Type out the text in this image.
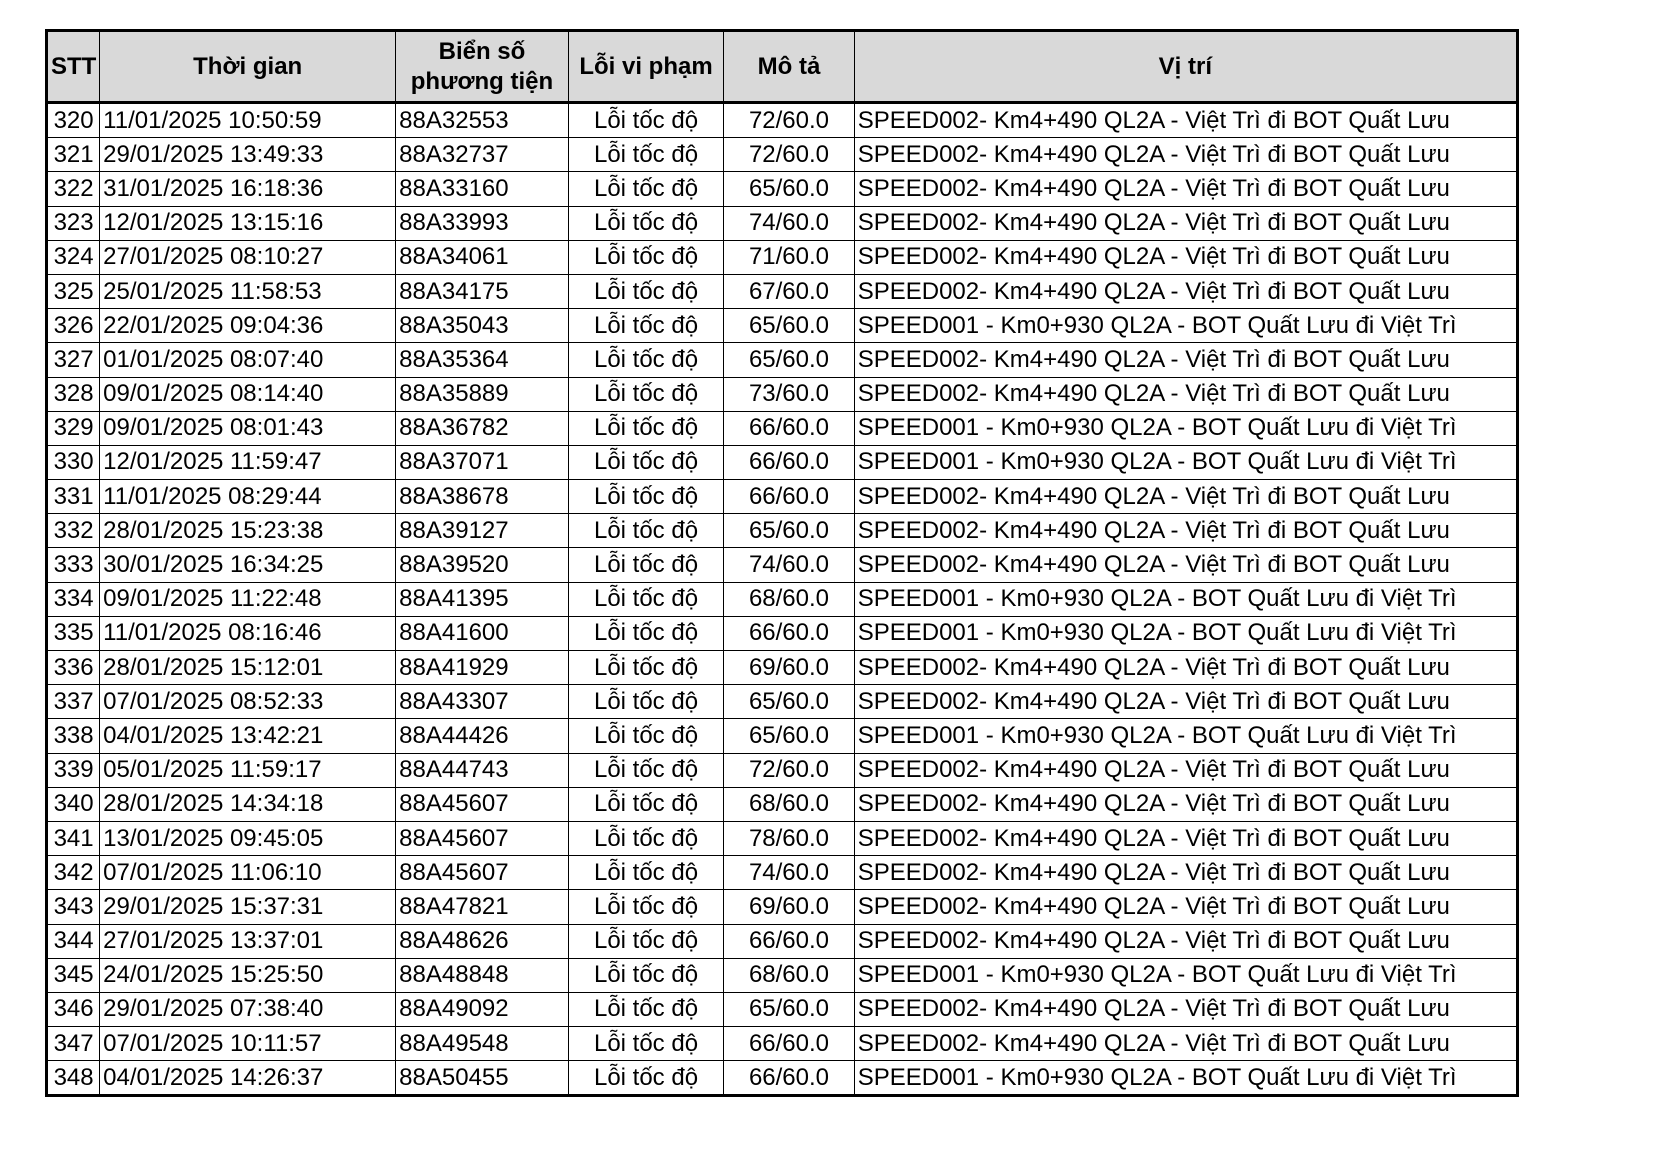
STT	Thời gian	Biển số
phương tiện	Lỗi vi phạm	Mô tả	Vị trí
320	11/01/2025 10:50:59	88A32553	Lỗi tốc độ	72/60.0	SPEED002- Km4+490 QL2A - Việt Trì đi BOT Quất Lưu
321	29/01/2025 13:49:33	88A32737	Lỗi tốc độ	72/60.0	SPEED002- Km4+490 QL2A - Việt Trì đi BOT Quất Lưu
322	31/01/2025 16:18:36	88A33160	Lỗi tốc độ	65/60.0	SPEED002- Km4+490 QL2A - Việt Trì đi BOT Quất Lưu
323	12/01/2025 13:15:16	88A33993	Lỗi tốc độ	74/60.0	SPEED002- Km4+490 QL2A - Việt Trì đi BOT Quất Lưu
324	27/01/2025 08:10:27	88A34061	Lỗi tốc độ	71/60.0	SPEED002- Km4+490 QL2A - Việt Trì đi BOT Quất Lưu
325	25/01/2025 11:58:53	88A34175	Lỗi tốc độ	67/60.0	SPEED002- Km4+490 QL2A - Việt Trì đi BOT Quất Lưu
326	22/01/2025 09:04:36	88A35043	Lỗi tốc độ	65/60.0	SPEED001 - Km0+930 QL2A - BOT Quất Lưu đi Việt Trì
327	01/01/2025 08:07:40	88A35364	Lỗi tốc độ	65/60.0	SPEED002- Km4+490 QL2A - Việt Trì đi BOT Quất Lưu
328	09/01/2025 08:14:40	88A35889	Lỗi tốc độ	73/60.0	SPEED002- Km4+490 QL2A - Việt Trì đi BOT Quất Lưu
329	09/01/2025 08:01:43	88A36782	Lỗi tốc độ	66/60.0	SPEED001 - Km0+930 QL2A - BOT Quất Lưu đi Việt Trì
330	12/01/2025 11:59:47	88A37071	Lỗi tốc độ	66/60.0	SPEED001 - Km0+930 QL2A - BOT Quất Lưu đi Việt Trì
331	11/01/2025 08:29:44	88A38678	Lỗi tốc độ	66/60.0	SPEED002- Km4+490 QL2A - Việt Trì đi BOT Quất Lưu
332	28/01/2025 15:23:38	88A39127	Lỗi tốc độ	65/60.0	SPEED002- Km4+490 QL2A - Việt Trì đi BOT Quất Lưu
333	30/01/2025 16:34:25	88A39520	Lỗi tốc độ	74/60.0	SPEED002- Km4+490 QL2A - Việt Trì đi BOT Quất Lưu
334	09/01/2025 11:22:48	88A41395	Lỗi tốc độ	68/60.0	SPEED001 - Km0+930 QL2A - BOT Quất Lưu đi Việt Trì
335	11/01/2025 08:16:46	88A41600	Lỗi tốc độ	66/60.0	SPEED001 - Km0+930 QL2A - BOT Quất Lưu đi Việt Trì
336	28/01/2025 15:12:01	88A41929	Lỗi tốc độ	69/60.0	SPEED002- Km4+490 QL2A - Việt Trì đi BOT Quất Lưu
337	07/01/2025 08:52:33	88A43307	Lỗi tốc độ	65/60.0	SPEED002- Km4+490 QL2A - Việt Trì đi BOT Quất Lưu
338	04/01/2025 13:42:21	88A44426	Lỗi tốc độ	65/60.0	SPEED001 - Km0+930 QL2A - BOT Quất Lưu đi Việt Trì
339	05/01/2025 11:59:17	88A44743	Lỗi tốc độ	72/60.0	SPEED002- Km4+490 QL2A - Việt Trì đi BOT Quất Lưu
340	28/01/2025 14:34:18	88A45607	Lỗi tốc độ	68/60.0	SPEED002- Km4+490 QL2A - Việt Trì đi BOT Quất Lưu
341	13/01/2025 09:45:05	88A45607	Lỗi tốc độ	78/60.0	SPEED002- Km4+490 QL2A - Việt Trì đi BOT Quất Lưu
342	07/01/2025 11:06:10	88A45607	Lỗi tốc độ	74/60.0	SPEED002- Km4+490 QL2A - Việt Trì đi BOT Quất Lưu
343	29/01/2025 15:37:31	88A47821	Lỗi tốc độ	69/60.0	SPEED002- Km4+490 QL2A - Việt Trì đi BOT Quất Lưu
344	27/01/2025 13:37:01	88A48626	Lỗi tốc độ	66/60.0	SPEED002- Km4+490 QL2A - Việt Trì đi BOT Quất Lưu
345	24/01/2025 15:25:50	88A48848	Lỗi tốc độ	68/60.0	SPEED001 - Km0+930 QL2A - BOT Quất Lưu đi Việt Trì
346	29/01/2025 07:38:40	88A49092	Lỗi tốc độ	65/60.0	SPEED002- Km4+490 QL2A - Việt Trì đi BOT Quất Lưu
347	07/01/2025 10:11:57	88A49548	Lỗi tốc độ	66/60.0	SPEED002- Km4+490 QL2A - Việt Trì đi BOT Quất Lưu
348	04/01/2025 14:26:37	88A50455	Lỗi tốc độ	66/60.0	SPEED001 - Km0+930 QL2A - BOT Quất Lưu đi Việt Trì
